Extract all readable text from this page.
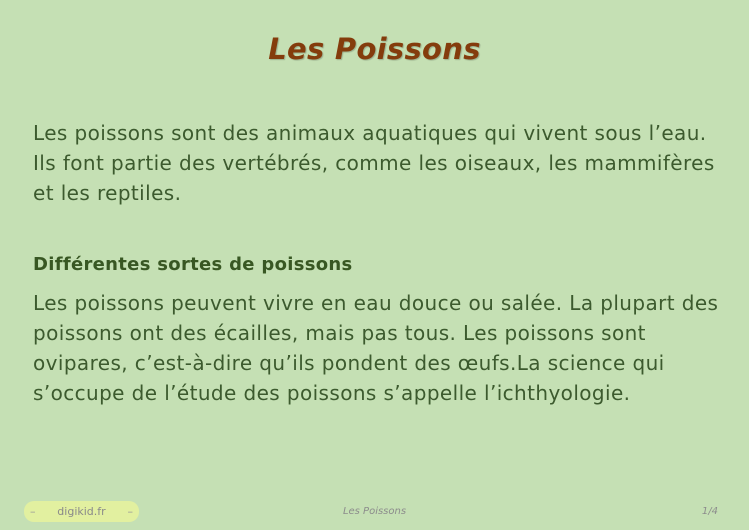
Les Poissons
Les poissons sont des animaux aquatiques qui vivent sous l’eau. Ils font partie des vertébrés, comme les oiseaux, les mammifères et les reptiles.
Différentes sortes de poissons
Les poissons peuvent vivre en eau douce ou salée. La plupart des poissons ont des écailles, mais pas tous. Les poissons sont ovipares, c’est-à-dire qu’ils pondent des œufs.La science qui s’occupe de l’étude des poissons s’appelle l’ichthyologie.
– digikid.fr –	Les Poissons	1/4
